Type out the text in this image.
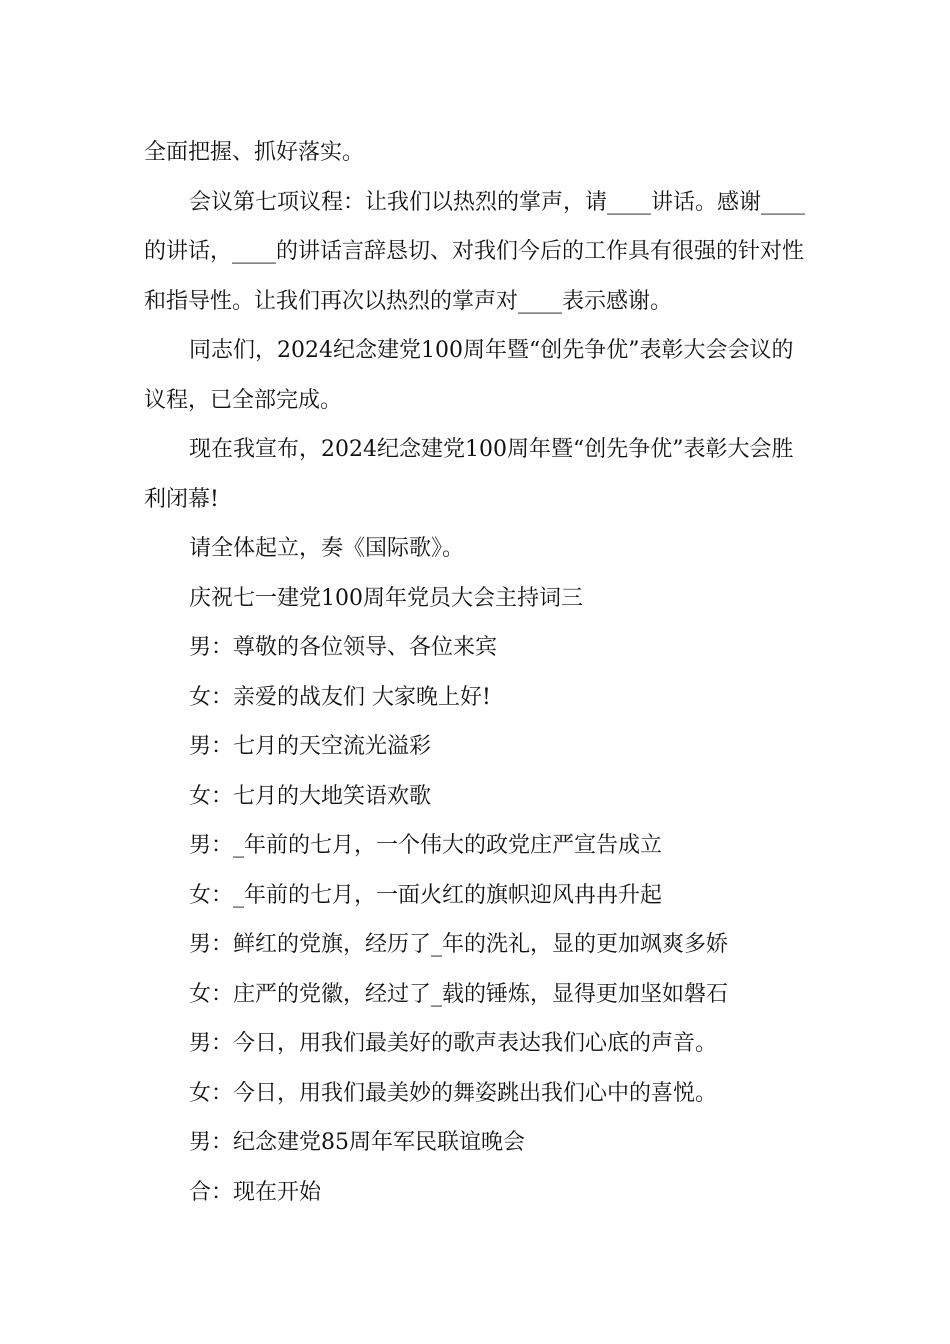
全面把握、抓好落实。

会议第七项议程：让我们以热烈的掌声，请____讲话。感谢____的讲话，____的讲话言辞恳切、对我们今后的工作具有很强的针对性和指导性。让我们再次以热烈的掌声对____表示感谢。

同志们，2024纪念建党100周年暨“创先争优”表彰大会会议的议程，已全部完成。

现在我宣布，2024纪念建党100周年暨“创先争优”表彰大会胜利闭幕!

请全体起立，奏《国际歌》。

庆祝七一建党100周年党员大会主持词三

男：尊敬的各位领导、各位来宾

女：亲爱的战友们 大家晚上好!

男：七月的天空流光溢彩

女：七月的大地笑语欢歌

男：_年前的七月，一个伟大的政党庄严宣告成立

女：_年前的七月，一面火红的旗帜迎风冉冉升起

男：鲜红的党旗，经历了_年的洗礼，显的更加飒爽多娇

女：庄严的党徽，经过了_载的锤炼，显得更加坚如磐石

男：今日，用我们最美好的歌声表达我们心底的声音。

女：今日，用我们最美妙的舞姿跳出我们心中的喜悦。

男：纪念建党85周年军民联谊晚会

合：现在开始
